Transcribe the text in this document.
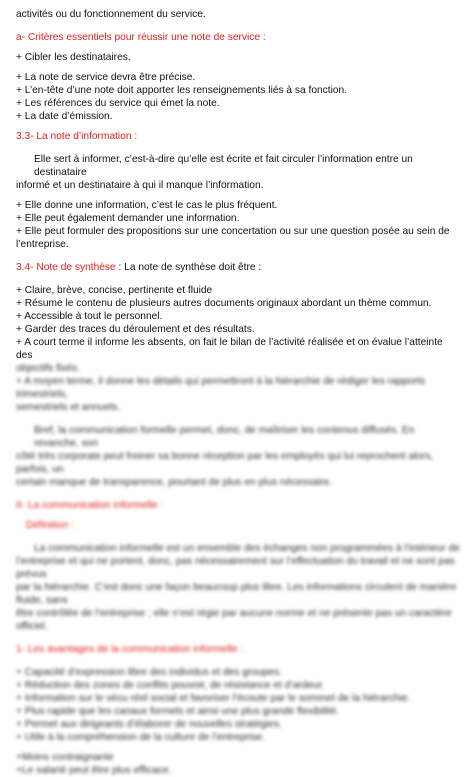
activités ou du fonctionnement du service.

a- Critères essentiels pour réussir une note de service :

+ Cibler les destinataires.

+ La note de service devra être précise.

+ L’en-tête d’une note doit apporter les renseignements liés à sa fonction.

+ Les références du service qui émet la note.

+ La date d’émission.

3.3- La note d’information :

Elle sert à informer, c’est-à-dire qu’elle est écrite et fait circuler l’information entre un destinataire

informé et un destinataire à qui il manque l’information.

+ Elle donne une information, c’est le cas le plus fréquent.

+ Elle peut également demander une information.

+ Elle peut formuler des propositions sur une concertation ou sur une question posée au sein de

l’entreprise.

3.4- Note de synthèse : La note de synthèse doit être :

+ Claire, brève, concise, pertinente et fluide

+ Résume le contenu de plusieurs autres documents originaux abordant un thème commun.

+ Accessible à tout le personnel.

+ Garder des traces du déroulement et des résultats.

+ A court terme il informe les absents, on fait le bilan de l’activité réalisée et on évalue l’atteinte des

objectifs fixés.

+ A moyen terme, il donne les détails qui permettront à la hiérarchie de rédiger les rapports trimestriels,

semestriels et annuels.

Bref, la communication formelle permet, donc, de maîtriser les contenus diffusés. En revanche, son

côté très corporate peut freiner sa bonne réception par les employés qui lui reprochent alors, parfois, un

certain manque de transparence, pourtant de plus en plus nécessaire.

II- La communication informelle :

Définition :

La communication informelle est un ensemble des échanges non programmées à l’intérieur de

l’entreprise et qui ne portent, donc, pas nécessairement sur l’effectuation du travail et ne sont pas prévus

par la hiérarchie. C’est donc une façon beaucoup plus libre. Les informations circulent de manière fluide, sans

être contrôlée de l’entreprise ; elle n’est régie par aucune norme et ne présente pas un caractère officiel.

1- Les avantages de la communication informelle :

+ Capacité d’expression libre des individus et des groupes.

+ Réduction des zones de conflits pouvoir, de résistance et d’ardeur.

+ Information sur le vécu réel social et favoriser l’écoute par le sommet de la hiérarchie.

+ Plus rapide que les canaux formels et ainsi une plus grande flexibilité.

+ Permet aux dirigeants d’élaborer de nouvelles stratégies.

+ Utile à la compréhension de la culture de l’entreprise.

+Moins contraignante

+Le salarié peut être plus efficace.
